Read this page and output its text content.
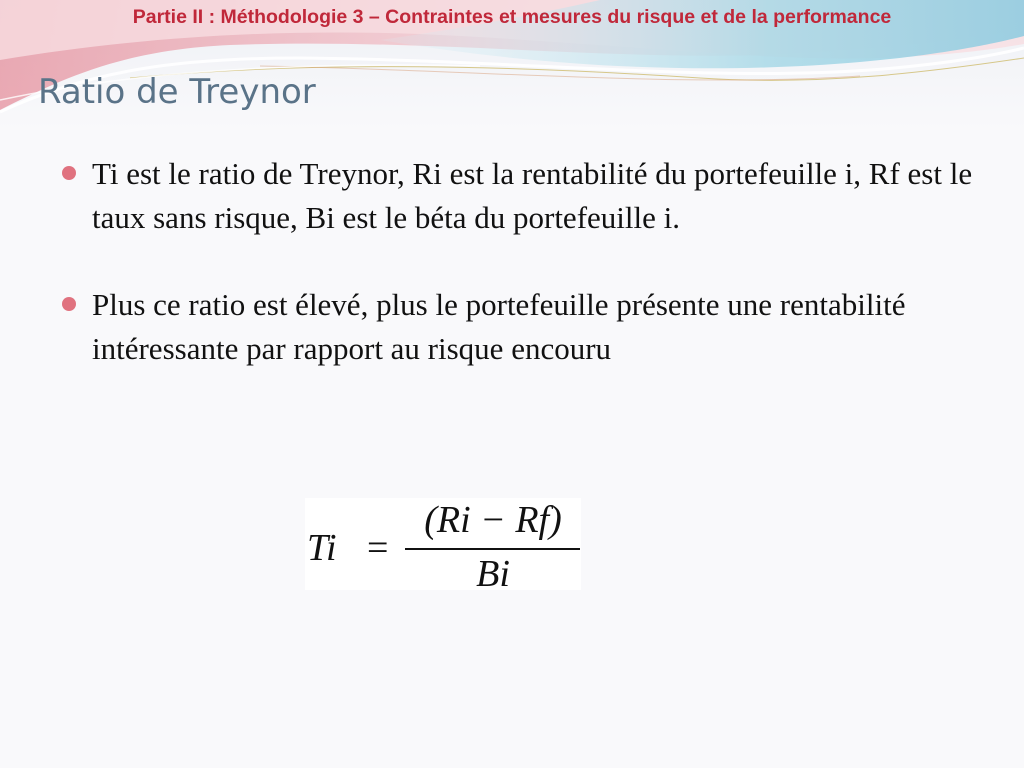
Partie II : Méthodologie 3 – Contraintes et mesures du risque et de la performance
Ratio de Treynor
Ti est le ratio de Treynor, Ri est la rentabilité du portefeuille i, Rf est le taux sans risque, Bi est le béta du portefeuille i.
Plus ce ratio est élevé, plus le portefeuille présente une rentabilité intéressante par rapport au risque encouru
Ti =
(Ri − Rf)
Bi
